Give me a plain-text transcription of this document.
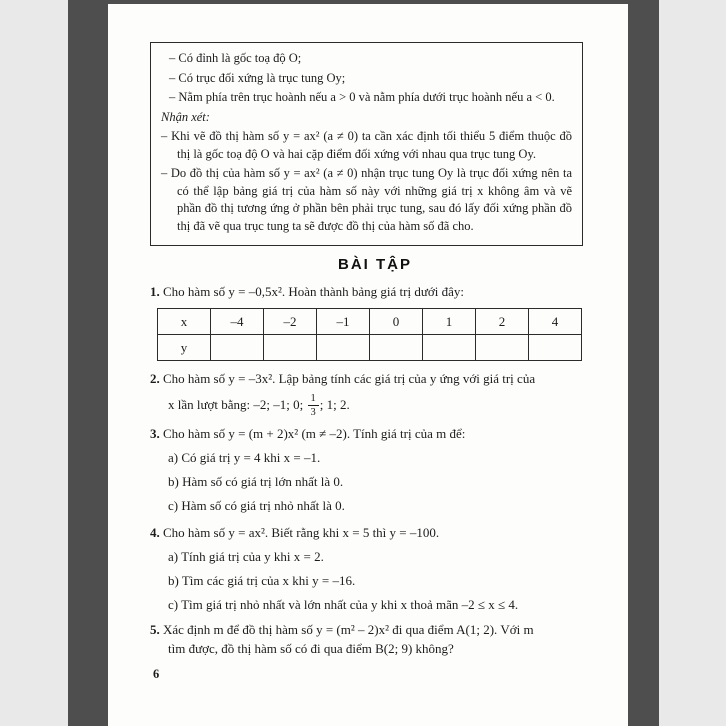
– Có đỉnh là gốc toạ độ O;

– Có trục đối xứng là trục tung Oy;

– Nằm phía trên trục hoành nếu a > 0 và nằm phía dưới trục hoành nếu a < 0.

Nhận xét:

– Khi vẽ đồ thị hàm số y = ax² (a ≠ 0) ta cần xác định tối thiểu 5 điểm thuộc đồ thị là gốc toạ độ O và hai cặp điểm đối xứng với nhau qua trục tung Oy.

– Do đồ thị của hàm số y = ax² (a ≠ 0) nhận trục tung Oy là trục đối xứng nên ta có thể lập bảng giá trị của hàm số này với những giá trị x không âm và vẽ phần đồ thị tương ứng ở phần bên phải trục tung, sau đó lấy đối xứng phần đồ thị đã vẽ qua trục tung ta sẽ được đồ thị của hàm số đã cho.

BÀI TẬP
1. Cho hàm số y = –0,5x². Hoàn thành bảng giá trị dưới đây:
x	–4	–2	–1	0	1	2	4
y							
2. Cho hàm số y = –3x². Lập bảng tính các giá trị của y ứng với giá trị của
x lần lượt bằng: –2; –1; 0; $\frac{1}{3}$ ; 1; 2.
3. Cho hàm số y = (m + 2)x² (m ≠ –2). Tính giá trị của m để:
a) Có giá trị y = 4 khi x = –1.
b) Hàm số có giá trị lớn nhất là 0.
c) Hàm số có giá trị nhỏ nhất là 0.
4. Cho hàm số y = ax². Biết rằng khi x = 5 thì y = –100.
a) Tính giá trị của y khi x = 2.
b) Tìm các giá trị của x khi y = –16.
c) Tìm giá trị nhỏ nhất và lớn nhất của y khi x thoả mãn –2 ≤ x ≤ 4.
5. Xác định m để đồ thị hàm số y = (m² – 2)x² đi qua điểm A(1; 2). Với m
tìm được, đồ thị hàm số có đi qua điểm B(2; 9) không?
6
